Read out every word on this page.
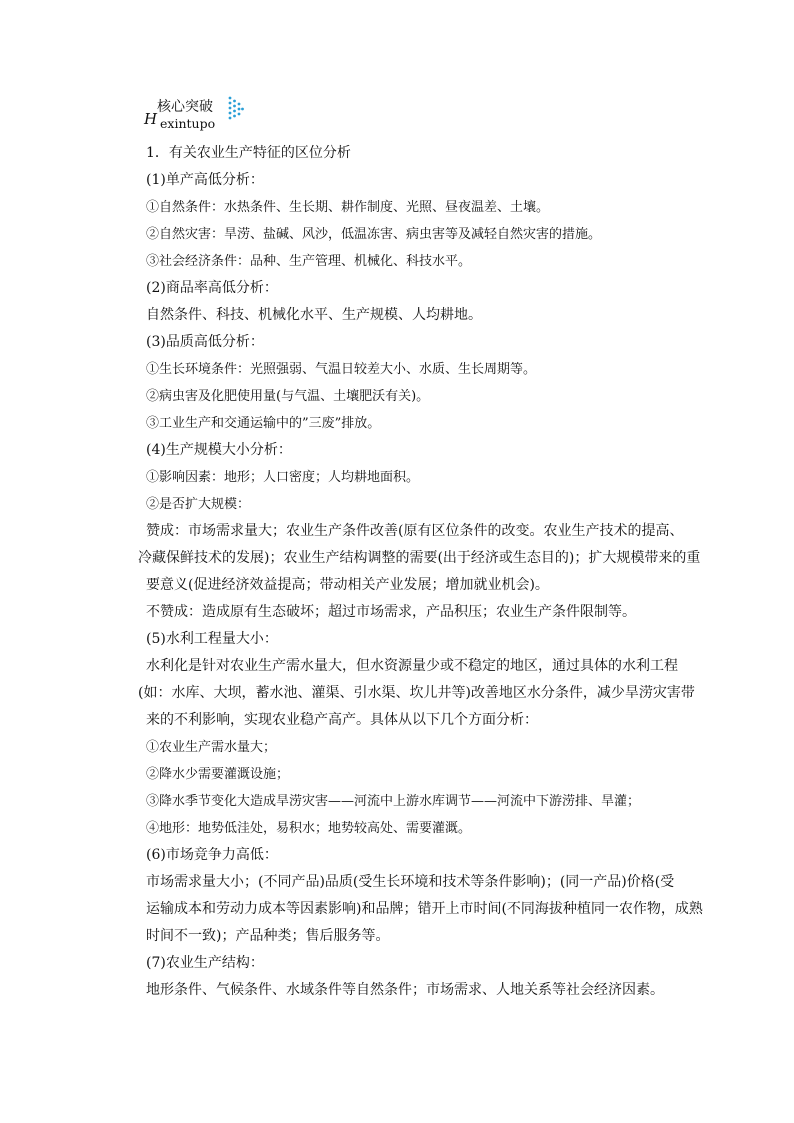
H
核心突破
exintupo
1．有关农业生产特征的区位分析
(1)单产高低分析：
①自然条件：水热条件、生长期、耕作制度、光照、昼夜温差、土壤。
②自然灾害：旱涝、盐碱、风沙，低温冻害、病虫害等及减轻自然灾害的措施。
③社会经济条件：品种、生产管理、机械化、科技水平。
(2)商品率高低分析：
自然条件、科技、机械化水平、生产规模、人均耕地。
(3)品质高低分析：
①生长环境条件：光照强弱、气温日较差大小、水质、生长周期等。
②病虫害及化肥使用量(与气温、土壤肥沃有关)。
③工业生产和交通运输中的”三废”排放。
(4)生产规模大小分析：
①影响因素：地形；人口密度；人均耕地面积。
②是否扩大规模：
赞成：市场需求量大；农业生产条件改善(原有区位条件的改变。农业生产技术的提高、
冷藏保鲜技术的发展)；农业生产结构调整的需要(出于经济或生态目的)；扩大规模带来的重
要意义(促进经济效益提高；带动相关产业发展；增加就业机会)。
不赞成：造成原有生态破坏；超过市场需求，产品积压；农业生产条件限制等。
(5)水利工程量大小：
水利化是针对农业生产需水量大，但水资源量少或不稳定的地区，通过具体的水利工程
(如：水库、大坝，蓄水池、灌渠、引水渠、坎儿井等)改善地区水分条件，减少旱涝灾害带
来的不利影响，实现农业稳产高产。具体从以下几个方面分析：
①农业生产需水量大；
②降水少需要灌溉设施；
③降水季节变化大造成旱涝灾害——河流中上游水库调节——河流中下游涝排、旱灌；
④地形：地势低洼处，易积水；地势较高处、需要灌溉。
(6)市场竞争力高低：
市场需求量大小；(不同产品)品质(受生长环境和技术等条件影响)；(同一产品)价格(受
运输成本和劳动力成本等因素影响)和品牌；错开上市时间(不同海拔种植同一农作物，成熟
时间不一致)；产品种类；售后服务等。
(7)农业生产结构：
地形条件、气候条件、水域条件等自然条件；市场需求、人地关系等社会经济因素。
